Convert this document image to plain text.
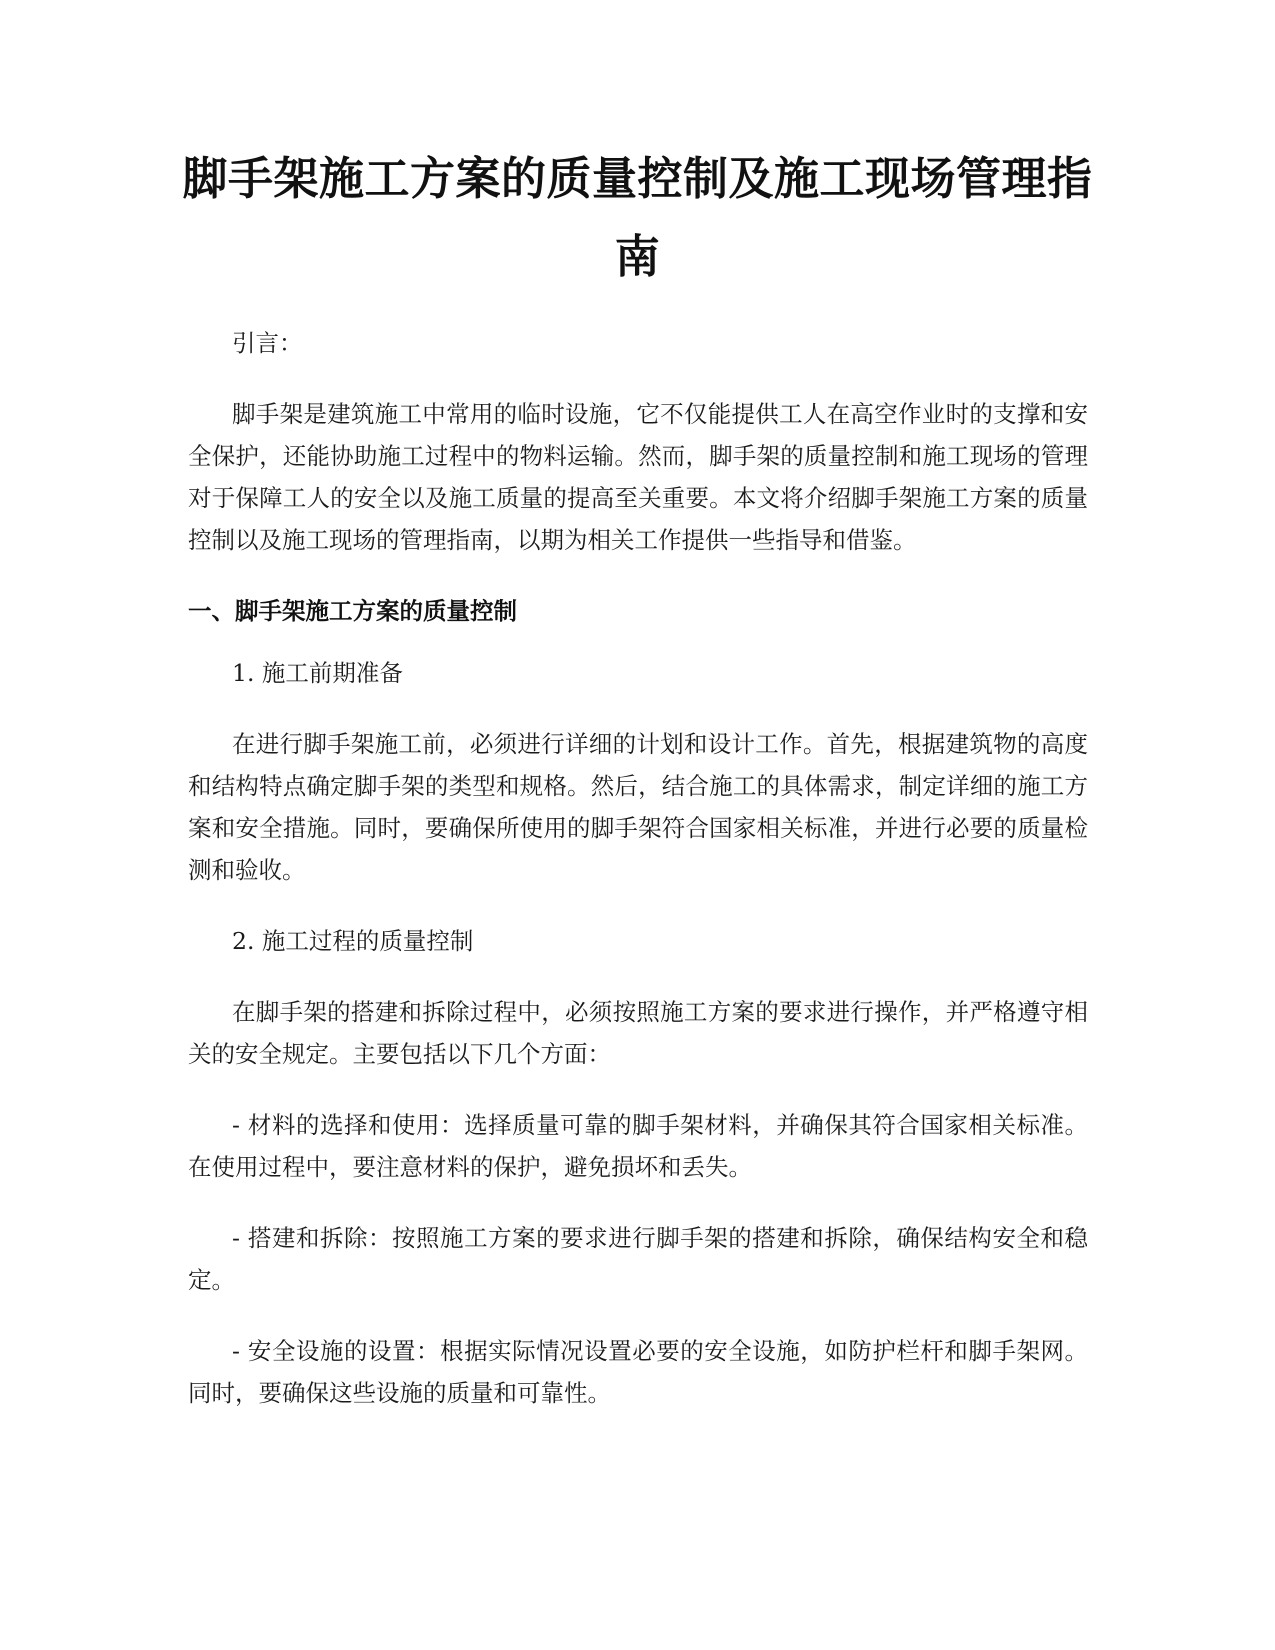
脚手架施工方案的质量控制及施工现场管理指南

引言：

脚手架是建筑施工中常用的临时设施，它不仅能提供工人在高空作业时的支撑和安全保护，还能协助施工过程中的物料运输。然而，脚手架的质量控制和施工现场的管理对于保障工人的安全以及施工质量的提高至关重要。本文将介绍脚手架施工方案的质量控制以及施工现场的管理指南，以期为相关工作提供一些指导和借鉴。

一、脚手架施工方案的质量控制

1. 施工前期准备

在进行脚手架施工前，必须进行详细的计划和设计工作。首先，根据建筑物的高度和结构特点确定脚手架的类型和规格。然后，结合施工的具体需求，制定详细的施工方案和安全措施。同时，要确保所使用的脚手架符合国家相关标准，并进行必要的质量检测和验收。

2. 施工过程的质量控制

在脚手架的搭建和拆除过程中，必须按照施工方案的要求进行操作，并严格遵守相关的安全规定。主要包括以下几个方面：

- 材料的选择和使用：选择质量可靠的脚手架材料，并确保其符合国家相关标准。在使用过程中，要注意材料的保护，避免损坏和丢失。

- 搭建和拆除：按照施工方案的要求进行脚手架的搭建和拆除，确保结构安全和稳定。

- 安全设施的设置：根据实际情况设置必要的安全设施，如防护栏杆和脚手架网。同时，要确保这些设施的质量和可靠性。
